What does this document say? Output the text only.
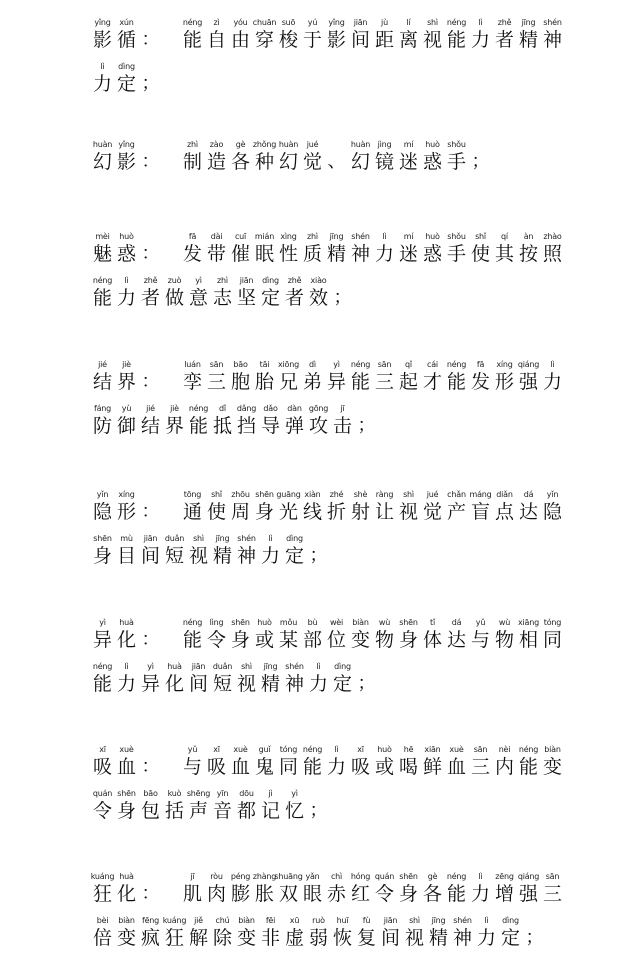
yǐng
影
xún
循 ：
néng
能
zì
自
yóu
由
chuān
穿
suō
梭
yú
于
yǐng
影
jiān
间
jù
距
lí
离
shì
视
néng
能
lì
力
zhě
者
jīng
精
shén
神
lì
力
dìng
定 ；
huàn
幻
yǐng
影 ：
zhì
制
zào
造
gè
各
zhǒng
种
huàn
幻
jué
觉 、
huàn
幻
jìng
镜
mí
迷
huò
惑
shǒu
手 ；
mèi
魅
huò
惑 ：
fā
发
dài
带
cuī
催
mián
眠
xìng
性
zhì
质
jīng
精
shén
神
lì
力
mí
迷
huò
惑
shǒu
手
shǐ
使
qí
其
àn
按
zhào
照
néng
能
lì
力
zhě
者
zuò
做
yì
意
zhì
志
jiān
坚
dìng
定
zhě
者
xiào
效 ；
jié
结
jiè
界 ：
luán
孪
sān
三
bāo
胞
tāi
胎
xiōng
兄
dì
弟
yì
异
néng
能
sān
三
qǐ
起
cái
才
néng
能
fā
发
xíng
形
qiáng
强
lì
力
fáng
防
yù
御
jié
结
jiè
界
néng
能
dǐ
抵
dǎng
挡
dǎo
导
dàn
弹
gōng
攻
jī
击 ；
yǐn
隐
xíng
形 ：
tōng
通
shǐ
使
zhōu
周
shēn
身
guāng
光
xiàn
线
zhé
折
shè
射
ràng
让
shì
视
jué
觉
chǎn
产
máng
盲
diǎn
点
dá
达
yǐn
隐
shēn
身
mù
目
jiān
间
duǎn
短
shì
视
jīng
精
shén
神
lì
力
dìng
定 ；
yì
异
huà
化 ：
néng
能
lìng
令
shēn
身
huò
或
mǒu
某
bù
部
wèi
位
biàn
变
wù
物
shēn
身
tǐ
体
dá
达
yǔ
与
wù
物
xiāng
相
tóng
同
néng
能
lì
力
yì
异
huà
化
jiān
间
duǎn
短
shì
视
jīng
精
shén
神
lì
力
dìng
定 ；
xī
吸
xuè
血 ：
yǔ
与
xī
吸
xuè
血
guǐ
鬼
tóng
同
néng
能
lì
力
xī
吸
huò
或
hē
喝
xiān
鲜
xuè
血
sān
三
nèi
内
néng
能
biàn
变
quán
令
shēn
身
bāo
包
kuò
括
shēng
声
yīn
音
dōu
都
jì
记
yì
忆 ；
kuáng
狂
huà
化 ：
jī
肌
ròu
肉
péng
膨
zhàng
胀
shuāng
双
yǎn
眼
chì
赤
hóng
红
quán
令
shēn
身
gè
各
néng
能
lì
力
zēng
增
qiáng
强
sān
三
bèi
倍
biàn
变
fēng
疯
kuáng
狂
jiě
解
chú
除
biàn
变
fēi
非
xū
虚
ruò
弱
huī
恢
fù
复
jiān
间
shì
视
jīng
精
shén
神
lì
力
dìng
定 ；
